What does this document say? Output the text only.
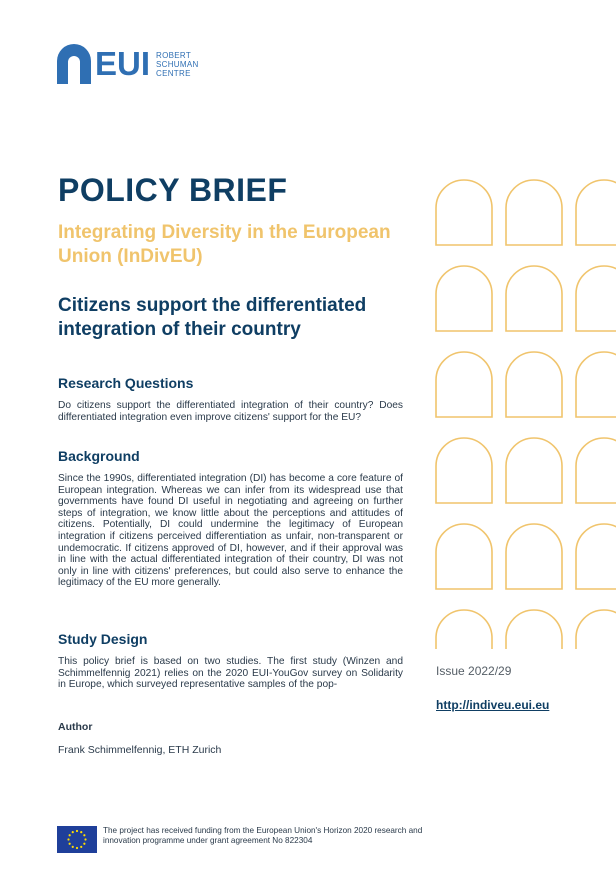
EUI ROBERT
SCHUMAN
CENTRE
POLICY BRIEF
Integrating Diversity in the European Union (InDivEU)
Citizens support the differentiated integration of their country
Research Questions

Do citizens support the differentiated integration of their country? Does differentiated integration even improve citizens' support for the EU?

Background

Since the 1990s, differentiated integration (DI) has become a core feature of European integration. Whereas we can infer from its widespread use that governments have found DI useful in negotiating and agreeing on further steps of integration, we know little about the perceptions and attitudes of citizens. Potentially, DI could undermine the legitimacy of European integration if citizens perceived differentiation as unfair, non-transparent or undemocratic. If citizens approved of DI, however, and if their approval was in line with the actual differentiated integration of their country, DI was not only in line with citizens' preferences, but could also serve to enhance the legitimacy of the EU more generally.

Study Design

This policy brief is based on two studies. The first study (Winzen and Schimmelfennig 2021) relies on the 2020 EUI-YouGov survey on Solidarity in Europe, which surveyed representative samples of the pop-

Author

Frank Schimmelfennig, ETH Zurich

Issue 2022/29
http://indiveu.eui.eu
The project has received funding from the European Union's Horizon 2020 research and innovation programme under grant agreement No 822304
